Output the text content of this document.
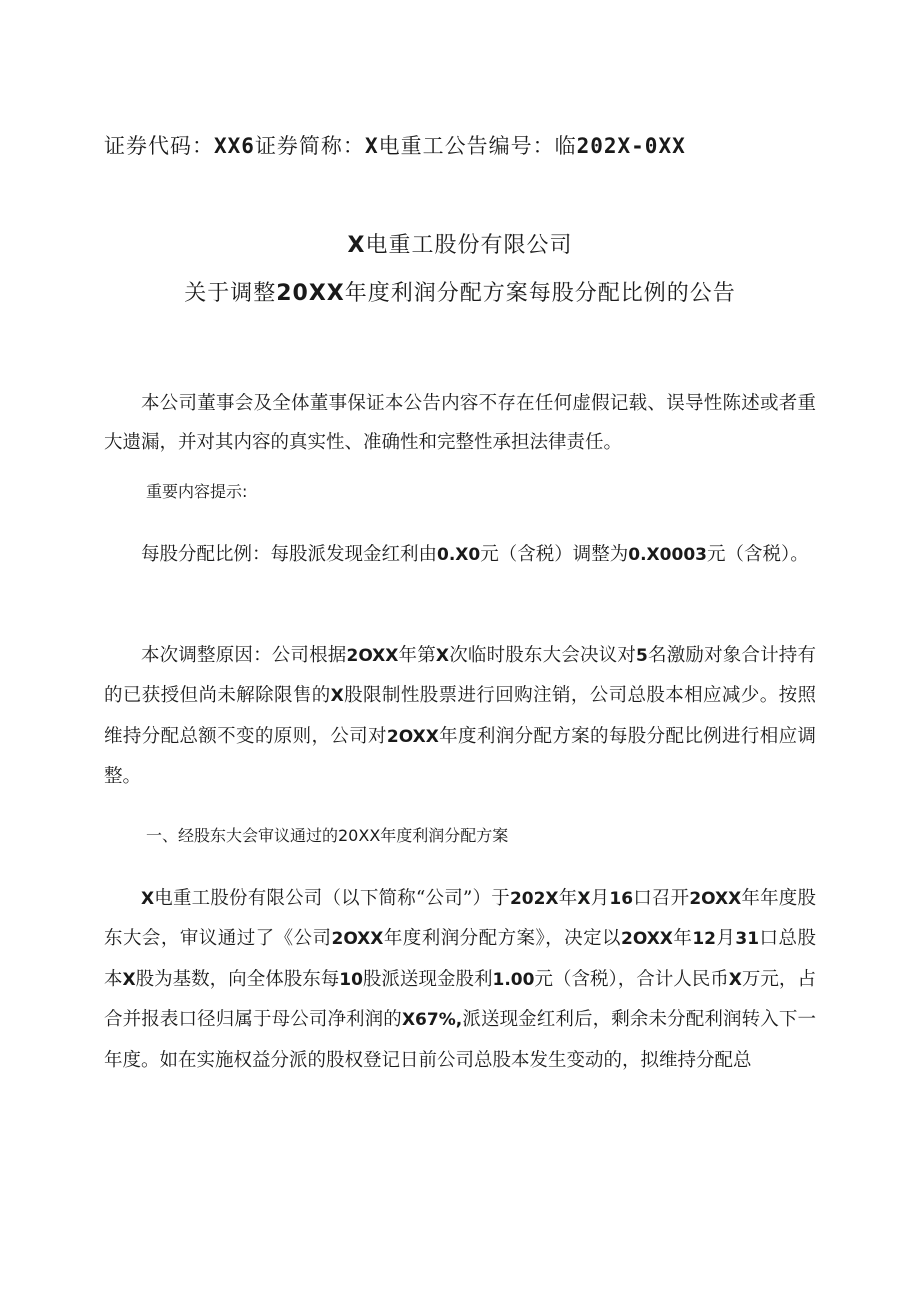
证券代码：XX6证券简称：X电重工公告编号：临202X-0XX
X电重工股份有限公司
关于调整20XX年度利润分配方案每股分配比例的公告

本公司董事会及全体董事保证本公告内容不存在任何虚假记载、误导性陈述或者重大遗漏，并对其内容的真实性、准确性和完整性承担法律责任。

重要内容提示:

每股分配比例：每股派发现金红利由0.X0元（含税）调整为0.X0003元（含税）。

本次调整原因：公司根据2OXX年第X次临时股东大会决议对5名激励对象合计持有的已获授但尚未解除限售的X股限制性股票进行回购注销，公司总股本相应减少。按照维持分配总额不变的原则，公司对2OXX年度利润分配方案的每股分配比例进行相应调整。

一、经股东大会审议通过的20XX年度利润分配方案

X电重工股份有限公司（以下简称“公司”）于202X年X月16口召开2OXX年年度股东大会，审议通过了《公司2OXX年度利润分配方案》，决定以2OXX年12月31口总股本X股为基数，向全体股东每10股派送现金股利1.00元（含税），合计人民币X万元，占合并报表口径归属于母公司净利润的X67%,派送现金红利后，剩余未分配利润转入下一年度。如在实施权益分派的股权登记日前公司总股本发生变动的，拟维持分配总
